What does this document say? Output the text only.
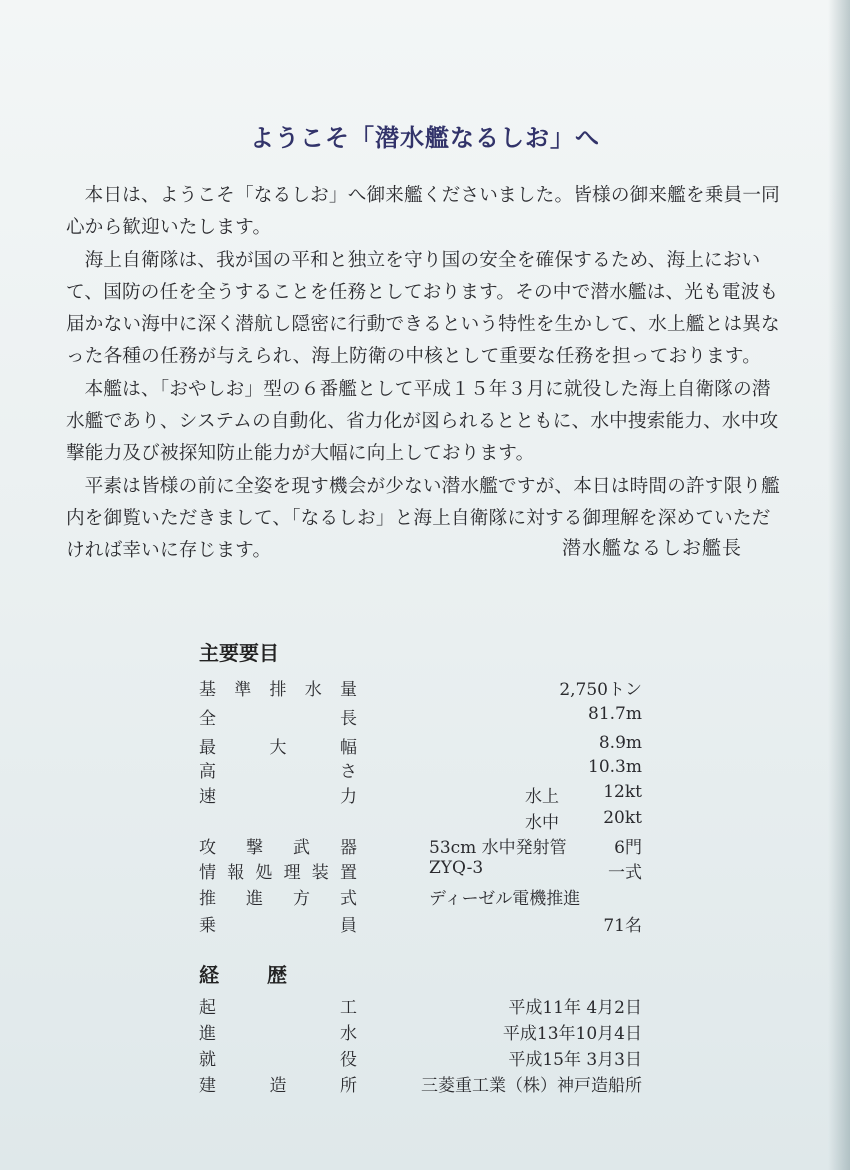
ようこそ「潜水艦なるしお」へ

本日は、ようこそ「なるしお」へ御来艦くださいました。皆様の御来艦を乗員一同心から歓迎いたします。

海上自衛隊は、我が国の平和と独立を守り国の安全を確保するため、海上において、国防の任を全うすることを任務としております。その中で潜水艦は、光も電波も届かない海中に深く潜航し隠密に行動できるという特性を生かして、水上艦とは異なった各種の任務が与えられ、海上防衛の中核として重要な任務を担っております。

本艦は、「おやしお」型の６番艦として平成１５年３月に就役した海上自衛隊の潜水艦であり、システムの自動化、省力化が図られるとともに、水中捜索能力、水中攻撃能力及び被探知防止能力が大幅に向上しております。

平素は皆様の前に全姿を現す機会が少ない潜水艦ですが、本日は時間の許す限り艦内を御覧いただきまして、「なるしお」と海上自衛隊に対する御理解を深めていただければ幸いに存じます。	潜水艦なるしお艦長
主要要目
基 準 排 水 量	2,750トン
全	長	81.7m
最	大	幅	8.9m
高	さ	10.3m
速	力	水上	12kt
水中	20kt
攻 撃 武 器	53cm 水中発射管	6門
情 報 処 理 装 置	ZYQ-3	一式
推 進 方 式	ディーゼル電機推進
乗	員	71名
経 歴
起	工	平成11年 4月2日
進	水	平成13年10月4日
就	役	平成15年 3月3日
建	造	所	三菱重工業（株）神戸造船所
